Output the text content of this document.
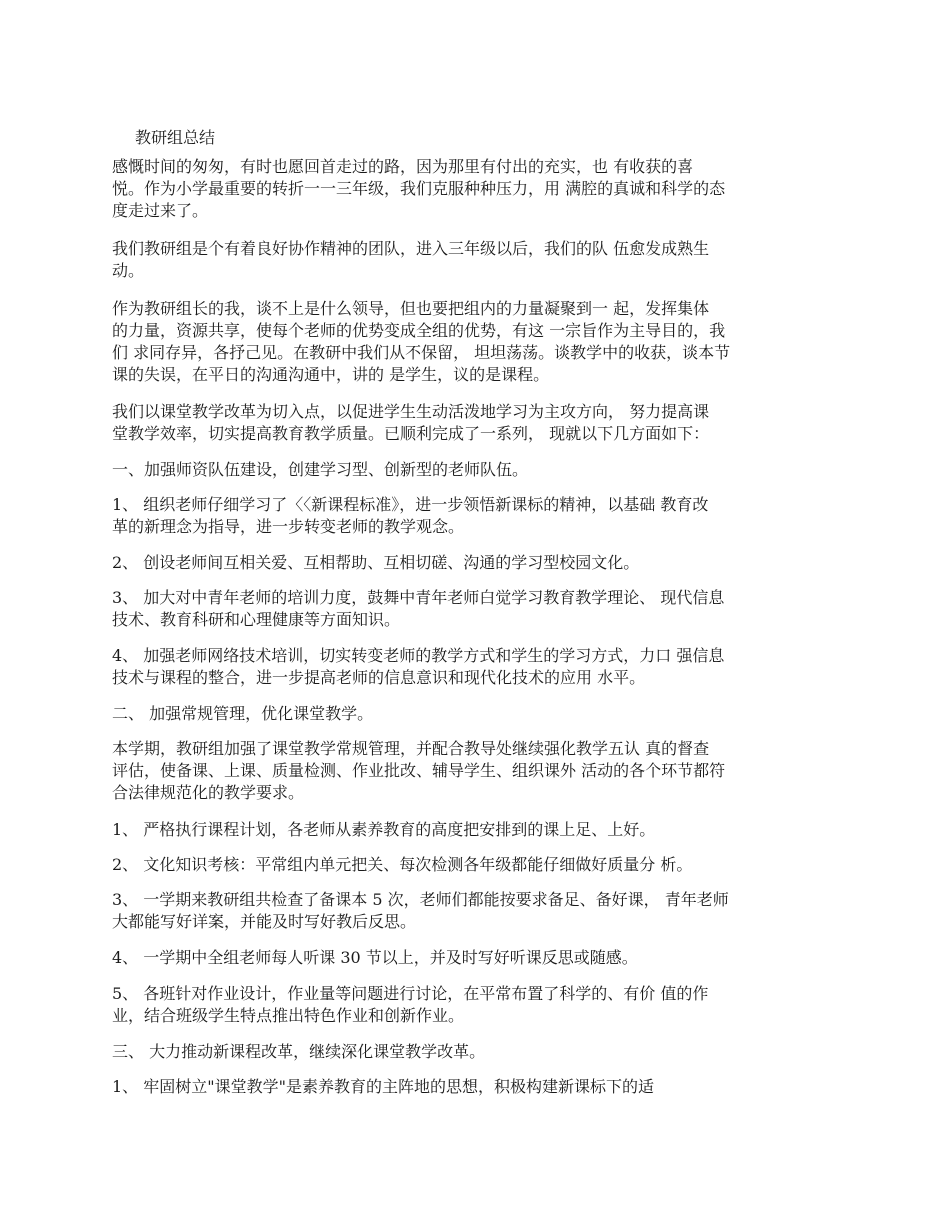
教研组总结
感慨时间的匆匆，有时也愿回首走过的路，因为那里有付出的充实，也 有收获的喜
悦。作为小学最重要的转折一一三年级，我们克服种种压力，用 满腔的真诚和科学的态
度走过来了。
我们教研组是个有着良好协作精神的团队，进入三年级以后，我们的队 伍愈发成熟生
动。
作为教研组长的我，谈不上是什么领导，但也要把组内的力量凝聚到一 起，发挥集体
的力量，资源共享，使每个老师的优势变成全组的优势，有这 一宗旨作为主导目的，我
们 求同存异，各抒己见。在教研中我们从不保留， 坦坦荡荡。谈教学中的收获，谈本节
课的失误，在平日的沟通沟通中，讲的 是学生，议的是课程。
我们以课堂教学改革为切入点，以促进学生生动活泼地学习为主攻方向， 努力提高课
堂教学效率，切实提高教育教学质量。已顺利完成了一系列， 现就以下几方面如下：
一、加强师资队伍建设，创建学习型、创新型的老师队伍。
1、 组织老师仔细学习了〈〈新课程标准》，进一步领悟新课标的精神，以基础 教育改
革的新理念为指导，进一步转变老师的教学观念。
2、 创设老师间互相关爱、互相帮助、互相切磋、沟通的学习型校园文化。
3、 加大对中青年老师的培训力度，鼓舞中青年老师白觉学习教育教学理论、 现代信息
技术、教育科研和心理健康等方面知识。
4、 加强老师网络技术培训，切实转变老师的教学方式和学生的学习方式，力口 强信息
技术与课程的整合，进一步提高老师的信息意识和现代化技术的应用 水平。
二、 加强常规管理，优化课堂教学。
本学期，教研组加强了课堂教学常规管理，并配合教导处继续强化教学五认 真的督查
评估，使备课、上课、质量检测、作业批改、辅导学生、组织课外 活动的各个环节都符
合法律规范化的教学要求。
1、 严格执行课程计划，各老师从素养教育的高度把安排到的课上足、上好。
2、 文化知识考核：平常组内单元把关、每次检测各年级都能仔细做好质量分 析。
3、 一学期来教研组共检查了备课本 5 次，老师们都能按要求备足、备好课， 青年老师
大都能写好详案，并能及时写好教后反思。
4、 一学期中全组老师每人听课 30 节以上，并及时写好听课反思或随感。
5、 各班针对作业设计，作业量等问题进行讨论，在平常布置了科学的、有价 值的作
业，结合班级学生特点推出特色作业和创新作业。
三、 大力推动新课程改革，继续深化课堂教学改革。
1、 牢固树立"课堂教学"是素养教育的主阵地的思想，积极构建新课标下的适
